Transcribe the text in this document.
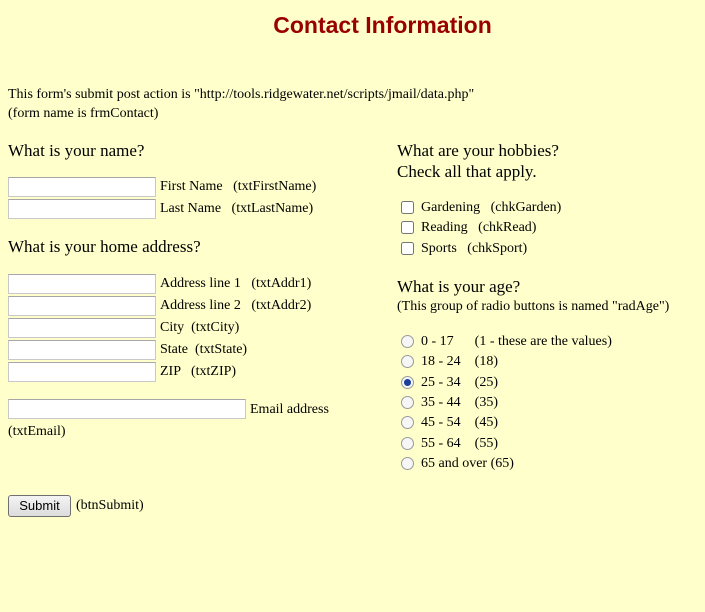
Contact Information
This form's submit post action is "http://tools.ridgewater.net/scripts/jmail/data.php"
(form name is frmContact)
What is your name?
First Name   (txtFirstName)
Last Name   (txtLastName)
What is your home address?
Address line 1   (txtAddr1)
Address line 2   (txtAddr2)
City  (txtCity)
State  (txtState)
ZIP   (txtZIP)
Email address
(txtEmail)
Submit	(btnSubmit)
What are your hobbies?
Check all that apply.
Gardening   (chkGarden)
Reading   (chkRead)
Sports   (chkSport)
What is your age?
(This group of radio buttons is named "radAge")
0 - 17      (1 - these are the values)
18 - 24    (18)
25 - 34    (25)
35 - 44    (35)
45 - 54    (45)
55 - 64    (55)
65 and over (65)
